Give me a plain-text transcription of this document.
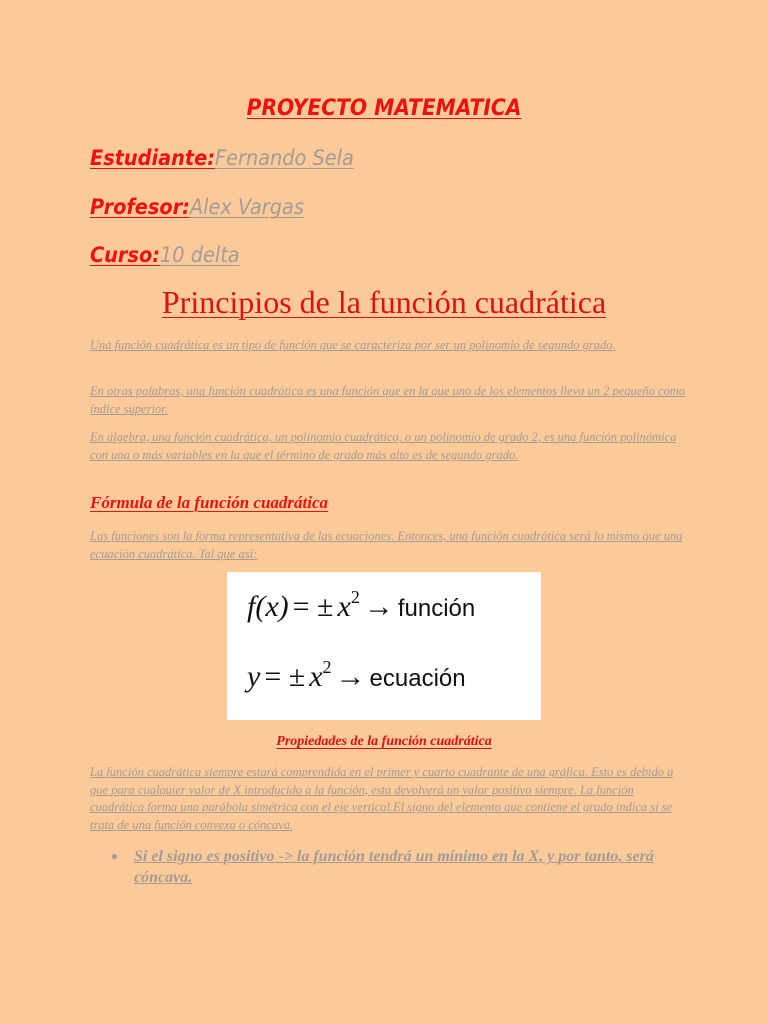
PROYECTO MATEMATICA
Estudiante:Fernando Sela
Profesor:Alex Vargas
Curso:10 delta
Principios de la función cuadrática
Una función cuadrática es un tipo de función que se caracteriza por ser un polinomio de segundo grado.
En otras palabras, una función cuadrática es una función que en la que uno de los elementos lleva un 2 pequeño como índice superior.
En álgebra, una función cuadrática, un polinomio cuadrático, o un polinomio de grado 2, es una función polinómica con una o más variables en la que el término de grado más alto es de segundo grado.
Fórmula de la función cuadrática
Las funciones son la forma representativa de las ecuaciones. Entonces, una función cuadrática será lo mismo que una ecuación cuadrática. Tal que así:
f(x) = ± x2 → función
y = ± x2 → ecuación
Propiedades de la función cuadrática
La función cuadrática siempre estará comprendida en el primer y cuarto cuadrante de una gráfica. Esto es debido a que para cualquier valor de X introducido a la función, esta devolverá un valor positivo siempre. La función cuadrática forma una parábola simétrica con el eje vertical.El signo del elemento que contiene el grado indica si se trata de una función convexa o cóncava.
Si el signo es positivo -> la función tendrá un mínimo en la X, y por tanto, será cóncava.
